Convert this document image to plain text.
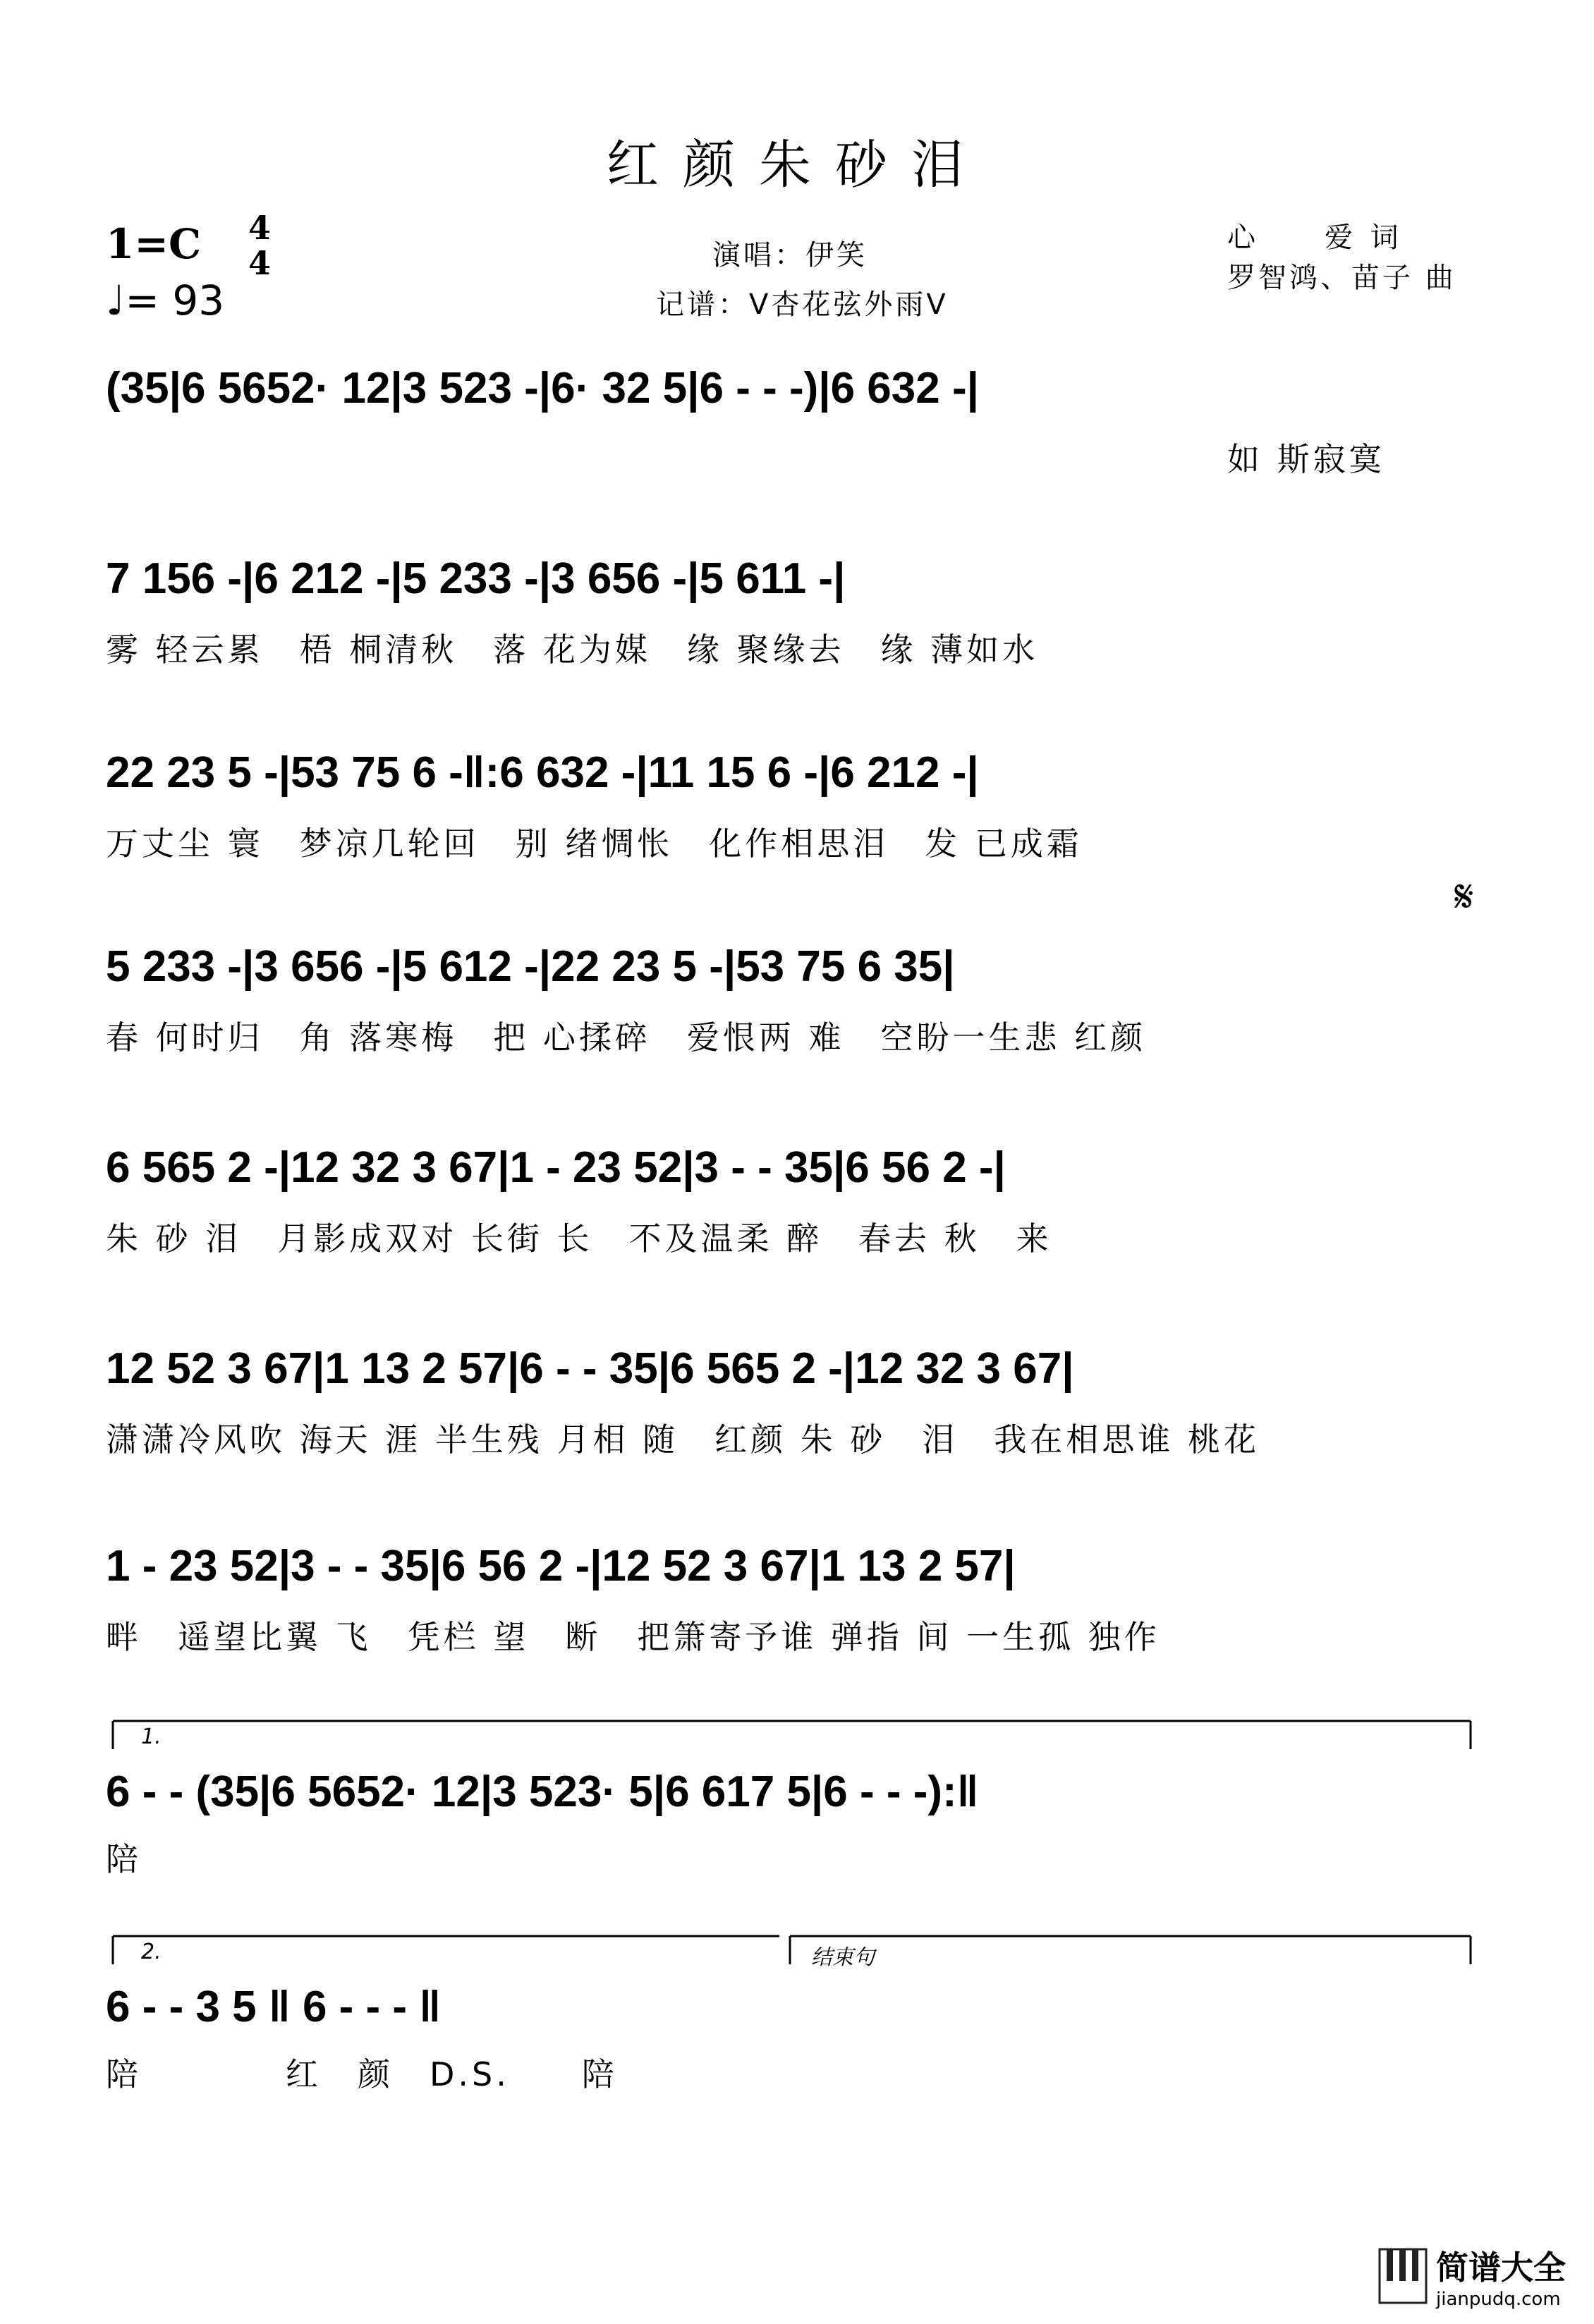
红颜朱砂泪
1=C 4
4
♩= 93
演唱：伊笑
记谱：V杏花弦外雨V
心　　爱 词
罗智鸿、苗子 曲
(35|6 5652· 12|3 523 -|6· 32 5|6 - - -)|6 632 -|
如 斯寂寞
7 156 -|6 212 -|5 233 -|3 656 -|5 611 -|
雾 轻云累　梧 桐清秋　落 花为媒　缘 聚缘去　缘 薄如水
22 23 5 -|53 75 6 -‖:6 632 -|11 15 6 -|6 212 -|
万丈尘 寰　梦凉几轮回　别 绪惆怅　化作相思泪　发 已成霜
𝄋
5 233 -|3 656 -|5 612 -|22 23 5 -|53 75 6 35|
春 何时归　角 落寒梅　把 心揉碎　爱恨两 难　空盼一生悲 红颜
6 565 2 -|12 32 3 67|1 - 23 52|3 - - 35|6 56 2 -|
朱 砂 泪　月影成双对 长街 长　不及温柔 醉　春去 秋　来
12 52 3 67|1 13 2 57|6 - - 35|6 565 2 -|12 32 3 67|
潇潇冷风吹 海天 涯 半生残 月相 随　红颜 朱 砂　泪　我在相思谁 桃花
1 - 23 52|3 - - 35|6 56 2 -|12 52 3 67|1 13 2 57|
畔　遥望比翼 飞　凭栏 望　断　把箫寄予谁 弹指 间 一生孤 独作
1.
6 - - (35|6 5652· 12|3 523· 5|6 617 5|6 - - -):‖
陪
2.	结束句
6 - - 3 5 ‖ 6 - - - ‖
陪　　　　红　颜　D.S.　　陪
简谱大全
jianpudq.com
